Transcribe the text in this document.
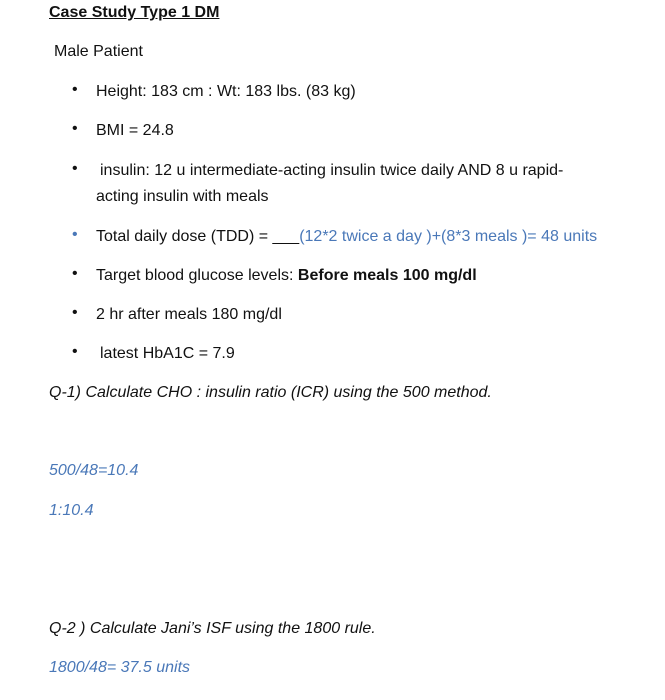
Case Study Type 1 DM
Male Patient
• Height: 183 cm : Wt: 183 lbs. (83 kg)
• BMI = 24.8
• insulin: 12 u intermediate-acting insulin twice daily AND 8 u rapid-
acting insulin with meals
• Total daily dose (TDD) = ___(12*2 twice a day )+(8*3 meals )= 48 units
• Target blood glucose levels: Before meals 100 mg/dl
• 2 hr after meals 180 mg/dl
• latest HbA1C = 7.9
Q-1) Calculate CHO : insulin ratio (ICR) using the 500 method.
500/48=10.4
1:10.4
Q-2 ) Calculate Jani’s ISF using the 1800 rule.
1800/48= 37.5 units
